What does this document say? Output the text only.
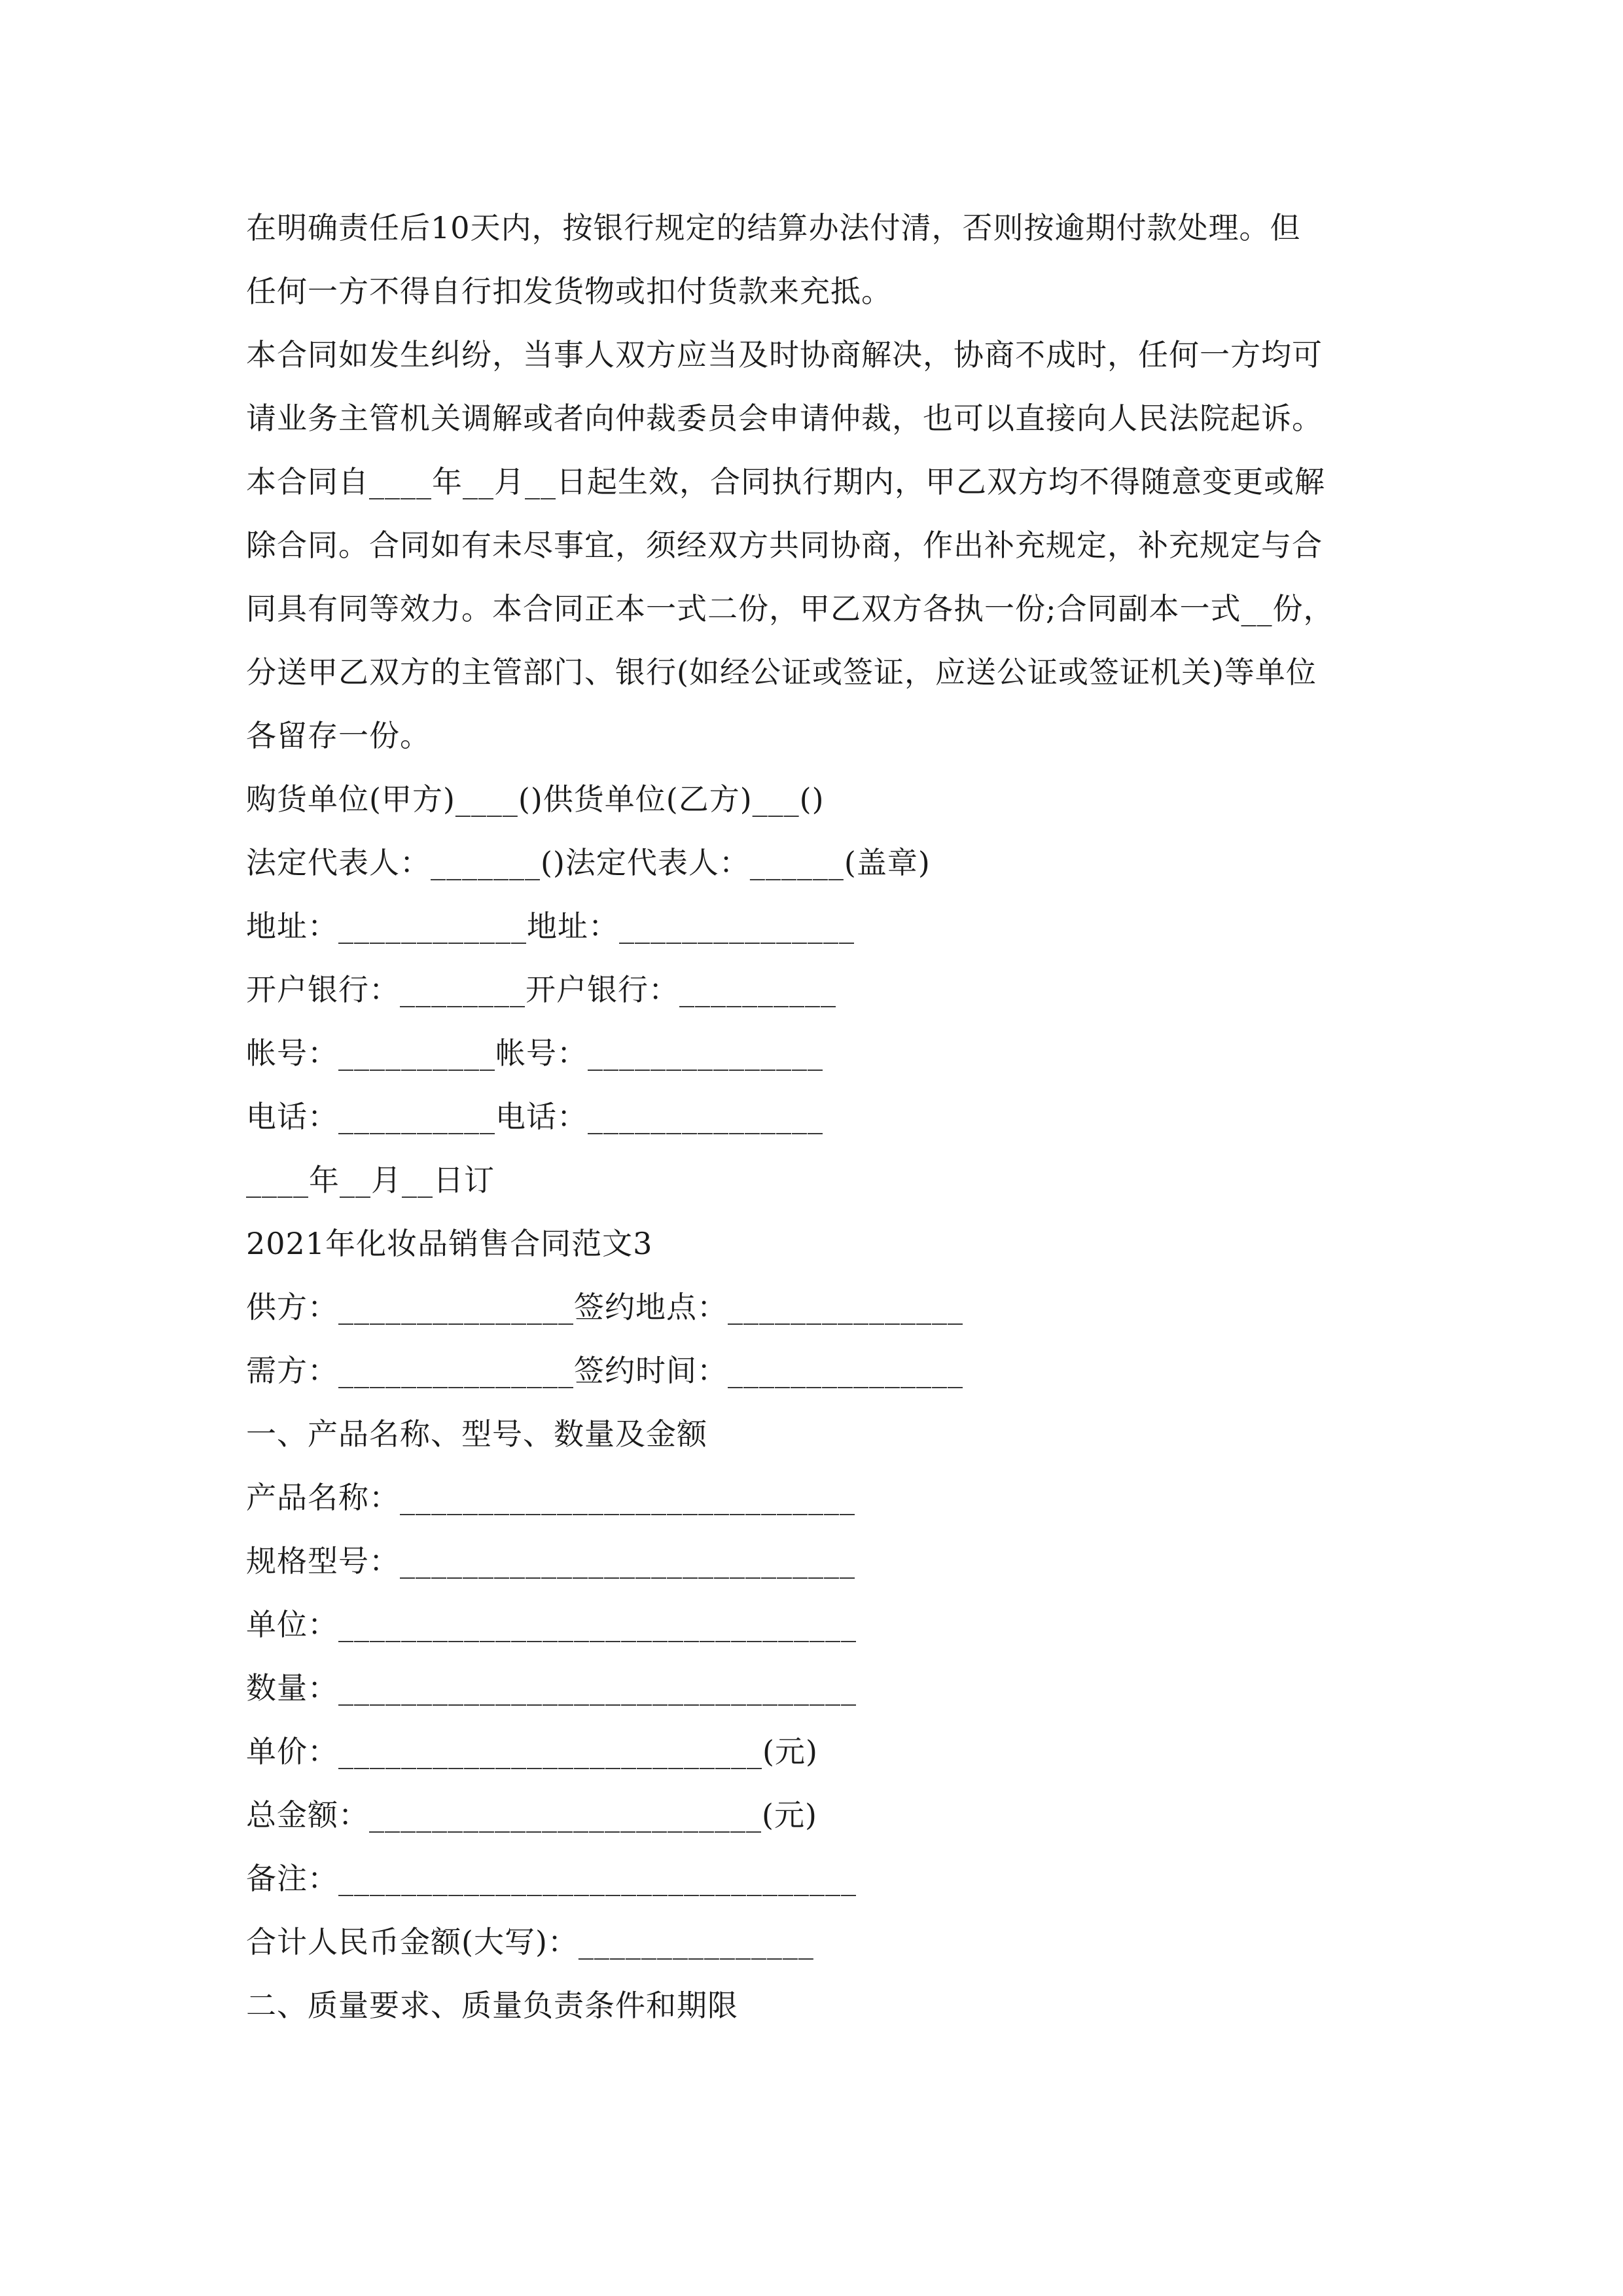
在明确责任后10天内，按银行规定的结算办法付清，否则按逾期付款处理。但

任何一方不得自行扣发货物或扣付货款来充抵。

本合同如发生纠纷，当事人双方应当及时协商解决，协商不成时，任何一方均可

请业务主管机关调解或者向仲裁委员会申请仲裁，也可以直接向人民法院起诉。

本合同自____年__月__日起生效，合同执行期内，甲乙双方均不得随意变更或解

除合同。合同如有未尽事宜，须经双方共同协商，作出补充规定，补充规定与合

同具有同等效力。本合同正本一式二份，甲乙双方各执一份;合同副本一式__份，

分送甲乙双方的主管部门、银行(如经公证或签证，应送公证或签证机关)等单位

各留存一份。

购货单位(甲方)____()供货单位(乙方)___()

法定代表人：_______()法定代表人：______(盖章)

地址：____________地址：_______________

开户银行：________开户银行：__________

帐号：__________帐号：_______________

电话：__________电话：_______________

____年__月__日订

2021年化妆品销售合同范文3

供方：_______________签约地点：_______________

需方：_______________签约时间：_______________

一、产品名称、型号、数量及金额

产品名称：_____________________________

规格型号：_____________________________

单位：_________________________________

数量：_________________________________

单价：___________________________(元)

总金额：_________________________(元)

备注：_________________________________

合计人民币金额(大写)：_______________

二、质量要求、质量负责条件和期限
